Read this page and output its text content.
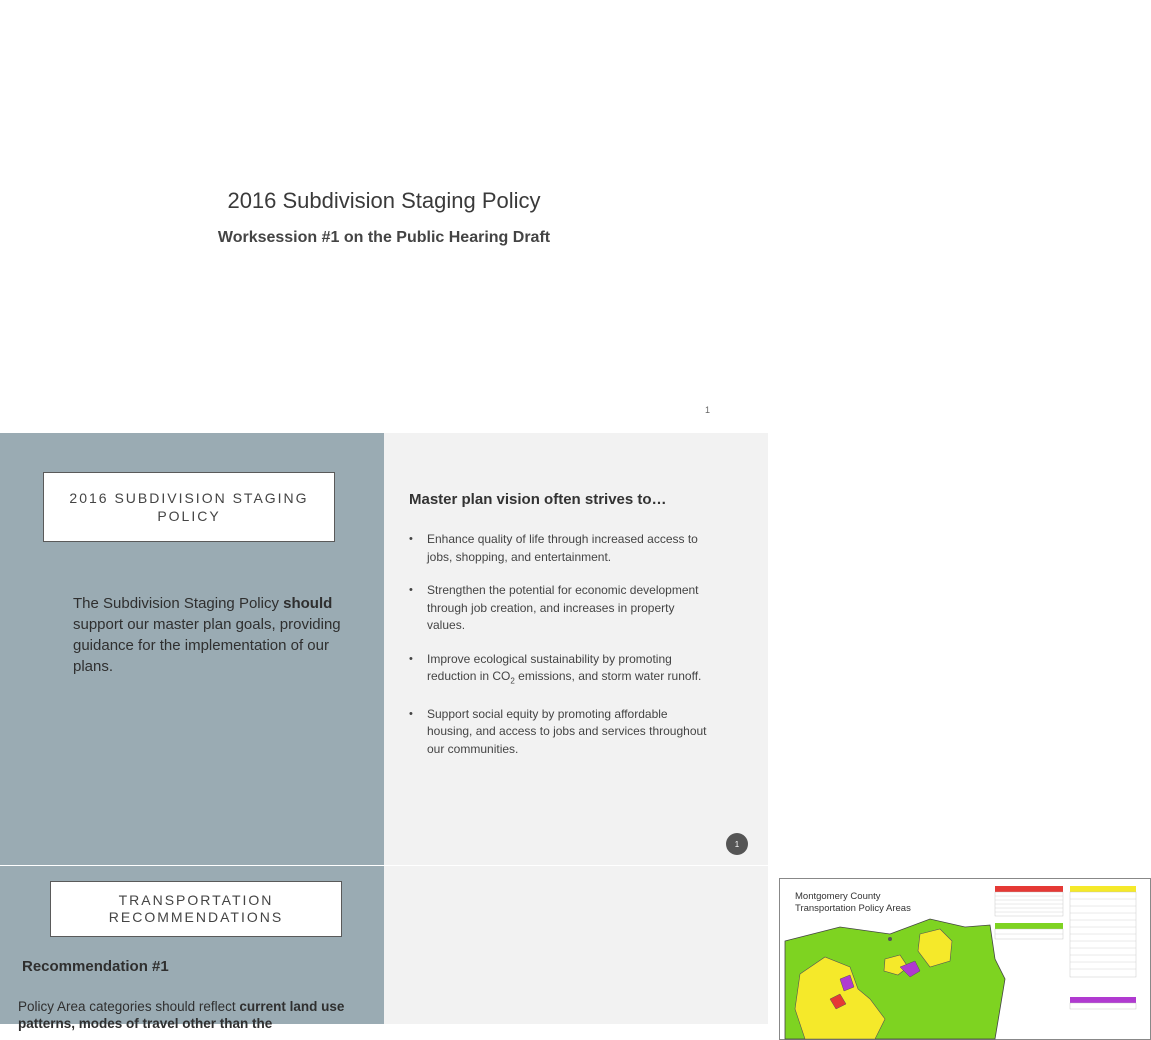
2016 Subdivision Staging Policy
Worksession #1 on the Public Hearing Draft
1
2016 SUBDIVISION STAGING POLICY
The Subdivision Staging Policy should support our master plan goals, providing guidance for the implementation of our plans.
Master plan vision often strives to…
• Enhance quality of life through increased access to jobs, shopping, and entertainment.
• Strengthen the potential for economic development through job creation, and increases in property values.
• Improve ecological sustainability by promoting reduction in $CO_2$ emissions, and storm water runoff.
• Support social equity by promoting affordable housing, and access to jobs and services throughout our communities.
1
TRANSPORTATION RECOMMENDATIONS
Recommendation #1
Policy Area categories should reflect current land use patterns, modes of travel other than the
Montgomery County
Transportation Policy Areas
